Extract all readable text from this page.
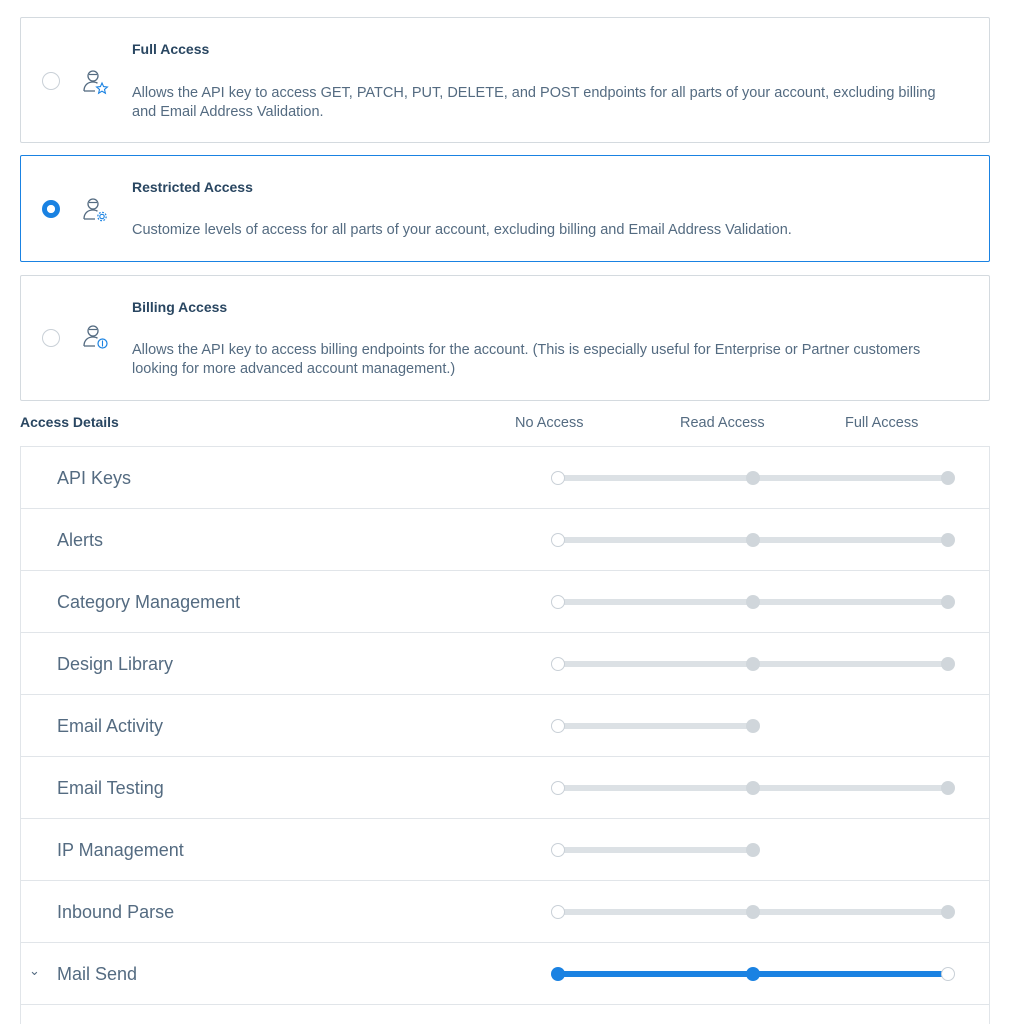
Full Access
Allows the API key to access GET, PATCH, PUT, DELETE, and POST endpoints for all parts of your account, excluding billing and Email Address Validation.
Restricted Access
Customize levels of access for all parts of your account, excluding billing and Email Address Validation.
Billing Access
Allows the API key to access billing endpoints for the account. (This is especially useful for Enterprise or Partner customers looking for more advanced account management.)
Access Details	No Access	Read Access	Full Access
API Keys
Alerts
Category Management
Design Library
Email Activity
Email Testing
IP Management
Inbound Parse
⌄ Mail Send
